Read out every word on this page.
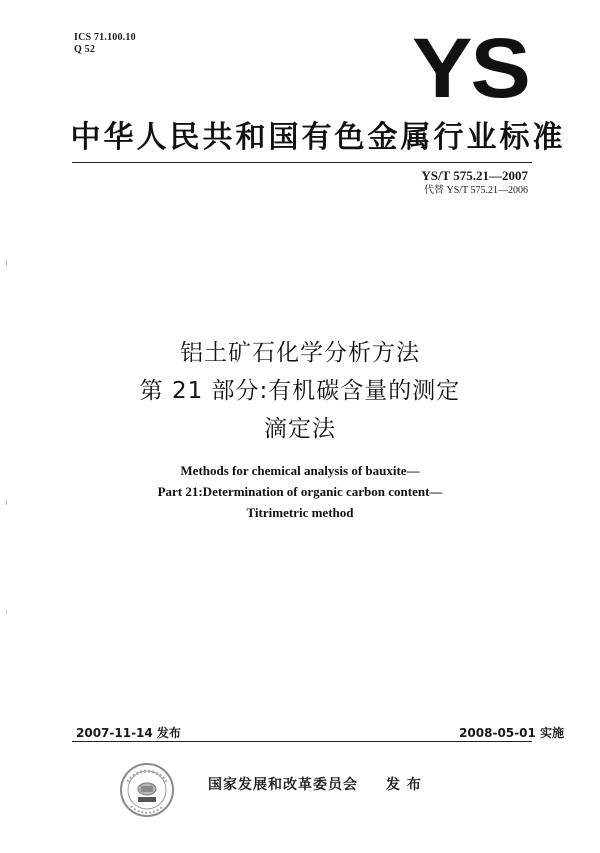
ICS 71.100.10
Q 52	YS
中华人民共和国有色金属行业标准
YS/T 575.21—2007
代替 YS/T 575.21—2006
铝土矿石化学分析方法
第 21 部分:有机碳含量的测定
滴定法
Methods for chemical analysis of bauxite—
Part 21:Determination of organic carbon content—
Titrimetric method
2007-11-14 发布	2008-05-01 实施
国家发展和改革委员会 发 布
